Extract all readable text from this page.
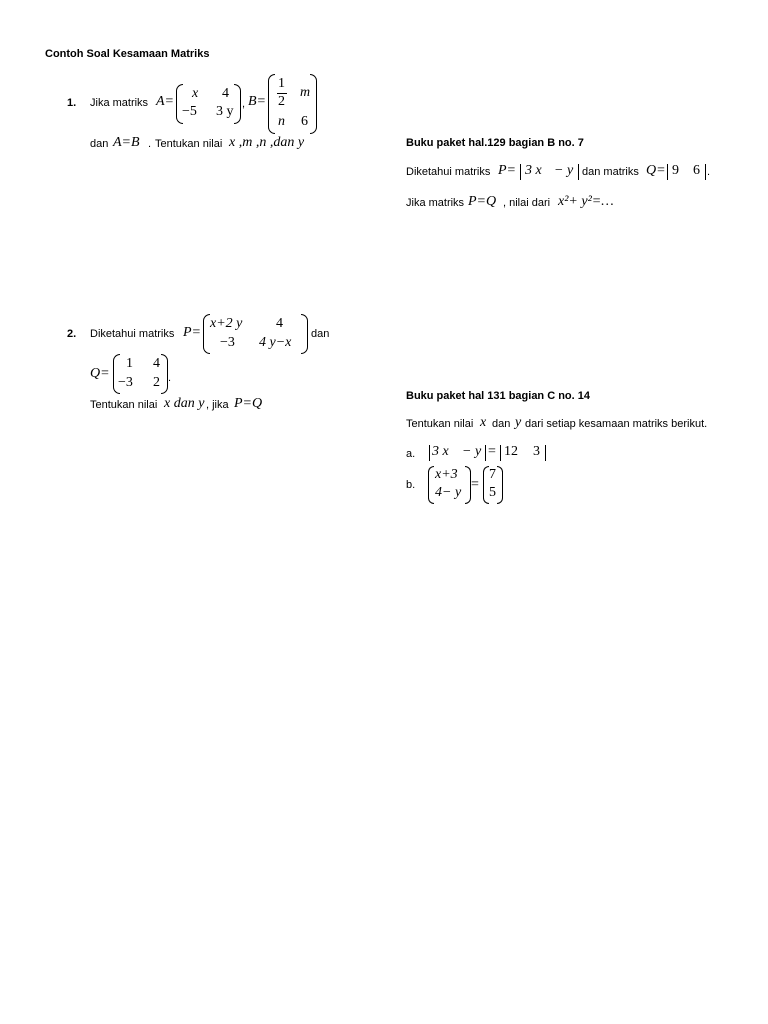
Contoh Soal Kesamaan Matriks
1. Jika matriks A=
x 4
−5 3 y , B=
1
2
m
n 6
dan A=B . Tentukan nilai x ,m ,n ,dan y	Buku paket hal.129 bagian B no. 7
Diketahui matriks P= 3 x − y dan matriks Q= 9 6 .
Jika matriks P=Q , nilai dari x²+ y²=…
2. Diketahui matriks P=
x+2 y 4
−3 4 y−x
dan
Q=
1 4
−3 2 .
Tentukan nilai x dan y , jika P=Q	Buku paket hal 131 bagian C no. 14
Tentukan nilai x dan y dari setiap kesamaan matriks berikut.
a. 3 x − y = 12 3
b.
x+3
4− y
=
7
5
